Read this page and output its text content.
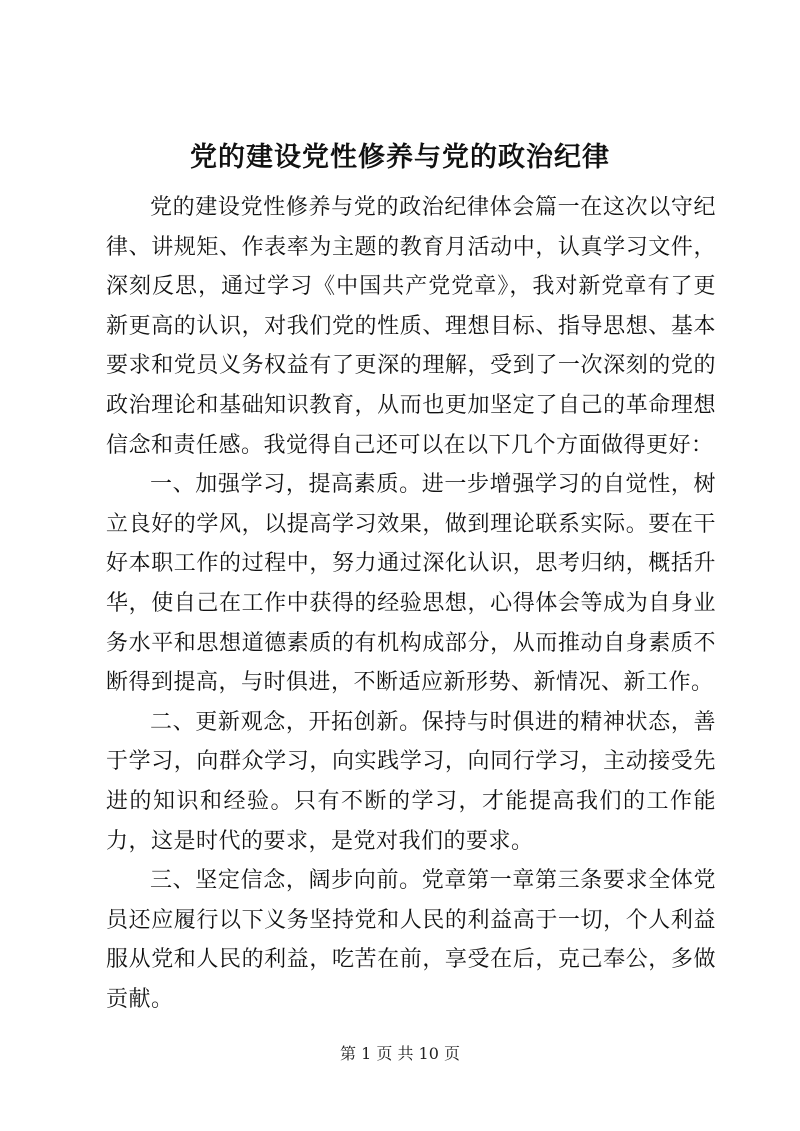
党的建设党性修养与党的政治纪律

党的建设党性修养与党的政治纪律体会篇一在这次以守纪律、讲规矩、作表率为主题的教育月活动中，认真学习文件，深刻反思，通过学习《中国共产党党章》，我对新党章有了更新更高的认识，对我们党的性质、理想目标、指导思想、基本要求和党员义务权益有了更深的理解，受到了一次深刻的党的政治理论和基础知识教育，从而也更加坚定了自己的革命理想信念和责任感。我觉得自己还可以在以下几个方面做得更好：

一、加强学习，提高素质。进一步增强学习的自觉性，树立良好的学风，以提高学习效果，做到理论联系实际。要在干好本职工作的过程中，努力通过深化认识，思考归纳，概括升华，使自己在工作中获得的经验思想，心得体会等成为自身业务水平和思想道德素质的有机构成部分，从而推动自身素质不断得到提高，与时俱进，不断适应新形势、新情况、新工作。

二、更新观念，开拓创新。保持与时俱进的精神状态，善于学习，向群众学习，向实践学习，向同行学习，主动接受先进的知识和经验。只有不断的学习，才能提高我们的工作能力，这是时代的要求，是党对我们的要求。

三、坚定信念，阔步向前。党章第一章第三条要求全体党员还应履行以下义务坚持党和人民的利益高于一切，个人利益服从党和人民的利益，吃苦在前，享受在后，克己奉公，多做贡献。

第 1 页 共 10 页
